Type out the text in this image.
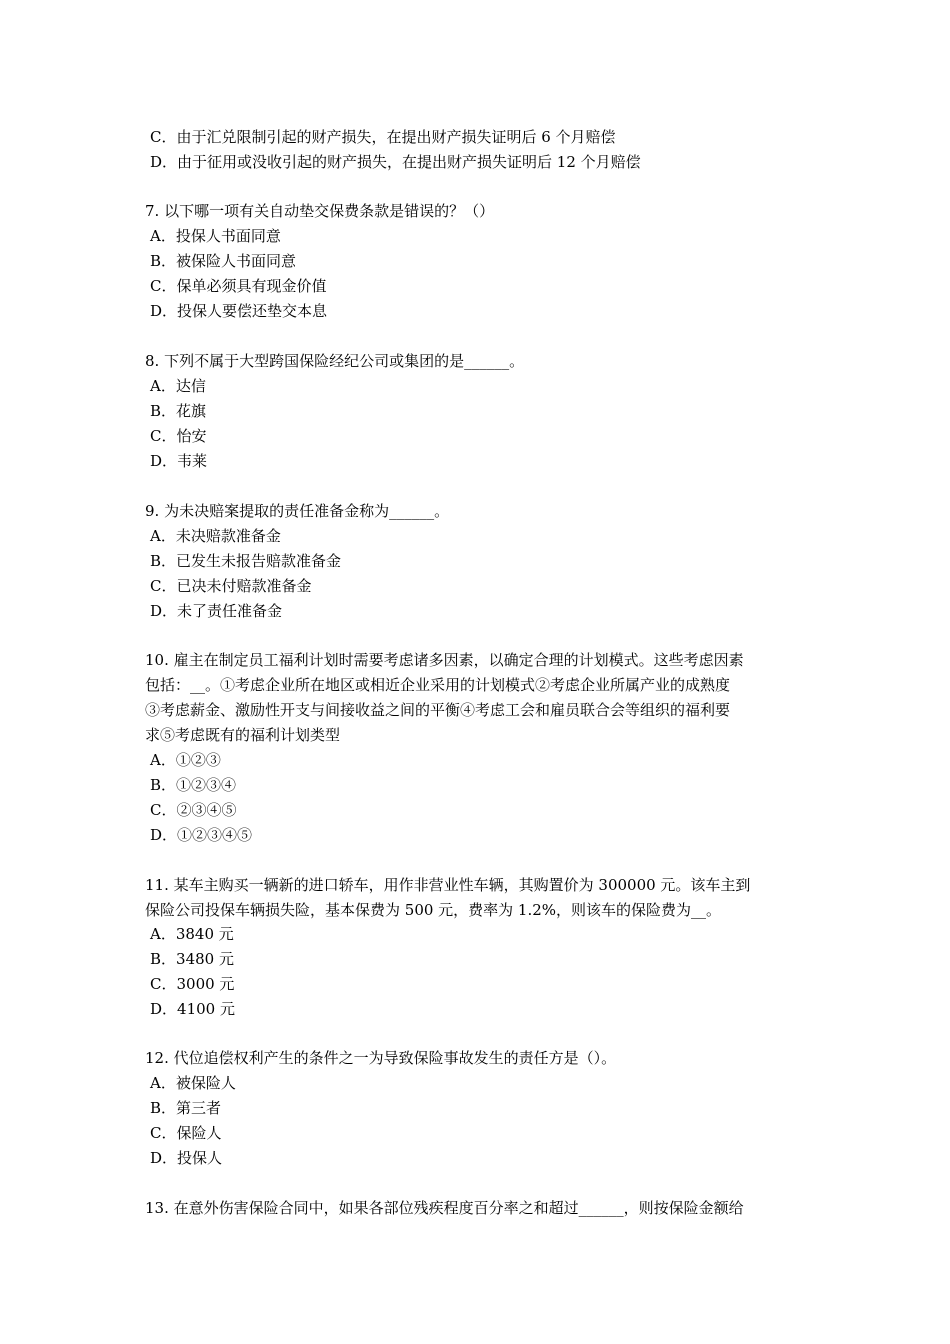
C．由于汇兑限制引起的财产损失，在提出财产损失证明后 6 个月赔偿
D．由于征用或没收引起的财产损失，在提出财产损失证明后 12 个月赔偿
7. 以下哪一项有关自动垫交保费条款是错误的？（）
A．投保人书面同意
B．被保险人书面同意
C．保单必须具有现金价值
D．投保人要偿还垫交本息
8. 下列不属于大型跨国保险经纪公司或集团的是______。
A．达信
B．花旗
C．怡安
D．韦莱
9. 为未决赔案提取的责任准备金称为______。
A．未决赔款准备金
B．已发生未报告赔款准备金
C．已决未付赔款准备金
D．未了责任准备金
10. 雇主在制定员工福利计划时需要考虑诸多因素，以确定合理的计划模式。这些考虑因素
包括：__。①考虑企业所在地区或相近企业采用的计划模式②考虑企业所属产业的成熟度
③考虑薪金、激励性开支与间接收益之间的平衡④考虑工会和雇员联合会等组织的福利要
求⑤考虑既有的福利计划类型
A．①②③
B．①②③④
C．②③④⑤
D．①②③④⑤
11. 某车主购买一辆新的进口轿车，用作非营业性车辆，其购置价为 300000 元。该车主到
保险公司投保车辆损失险，基本保费为 500 元，费率为 1.2%，则该车的保险费为__。
A．3840 元
B．3480 元
C．3000 元
D．4100 元
12. 代位追偿权利产生的条件之一为导致保险事故发生的责任方是（）。
A．被保险人
B．第三者
C．保险人
D．投保人
13. 在意外伤害保险合同中，如果各部位残疾程度百分率之和超过______，则按保险金额给
